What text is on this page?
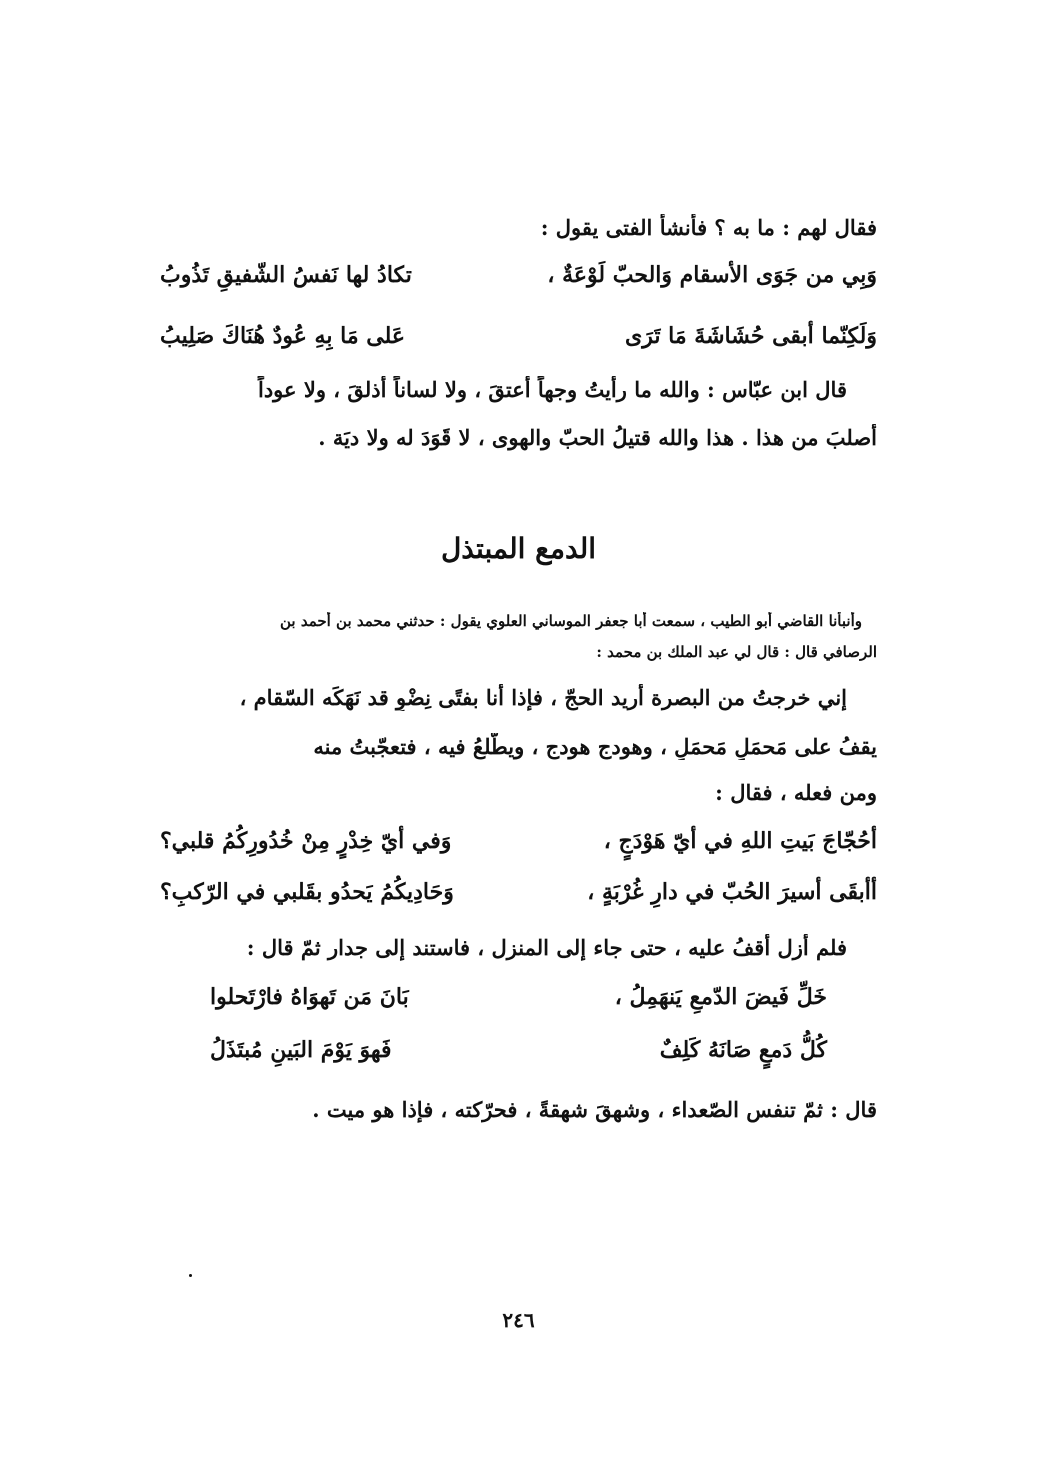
فقال لهم : ما به ؟ فأنشأ الفتى يقول :
وَبِي من جَوَى الأسقام وَالحبّ لَوْعَةٌ ،
تكادُ لها نَفسُ الشّفيقِ تَذُوبُ
وَلَكِنّما أبقى حُشَاشَةَ مَا تَرَى
عَلى مَا بِهِ عُودٌ هُنَاكَ صَلِيبُ
قال ابن عبّاس : والله ما رأيتُ وجهاً أعتقَ ، ولا لساناً أذلقَ ، ولا عوداً
أصلبَ من هذا . هذا والله قتيلُ الحبّ والهوى ، لا قَوَدَ له ولا ديَة .
الدمع المبتذل
وأنبأنا القاضي أبو الطيب ، سمعت أبا جعفر الموساني العلوي يقول : حدثني محمد بن أحمد بن
الرصافي قال : قال لي عبد الملك بن محمد :
إني خرجتُ من البصرة أريد الحجّ ، فإذا أنا بفتًى نِضْوٍ قد نَهَكَه السّقام ،
يقفُ على مَحمَلٍ مَحمَلٍ ، وهودجٍ هودج ، ويطّلعُ فيه ، فتعجّبتُ منه
ومن فعله ، فقال :
أحُجّاجَ بَيتِ اللهِ في أيّ هَوْدَجٍ ،
وَفي أيّ خِدْرٍ مِنْ خُدُورِكُمُ قلبي؟
أأبقَى أسيرَ الحُبّ في دارِ غُرْبَةٍ ،
وَحَادِيكُمُ يَحدُو بقَلبي في الرّكبِ؟
فلم أزل أقفُ عليه ، حتى جاء إلى المنزل ، فاستند إلى جدار ثمّ قال :
خَلِّ فَيضَ الدّمعِ يَنهَمِلُ ،
بَانَ مَن تَهوَاهُ فارْتَحلوا
كُلُّ دَمعٍ صَانَهُ كَلِفٌ
فَهوَ يَوْمَ البَينِ مُبتَذَلُ
قال : ثمّ تنفس الصّعداء ، وشهقَ شهقةً ، فحرّكته ، فإذا هو ميت .
٢٤٦
